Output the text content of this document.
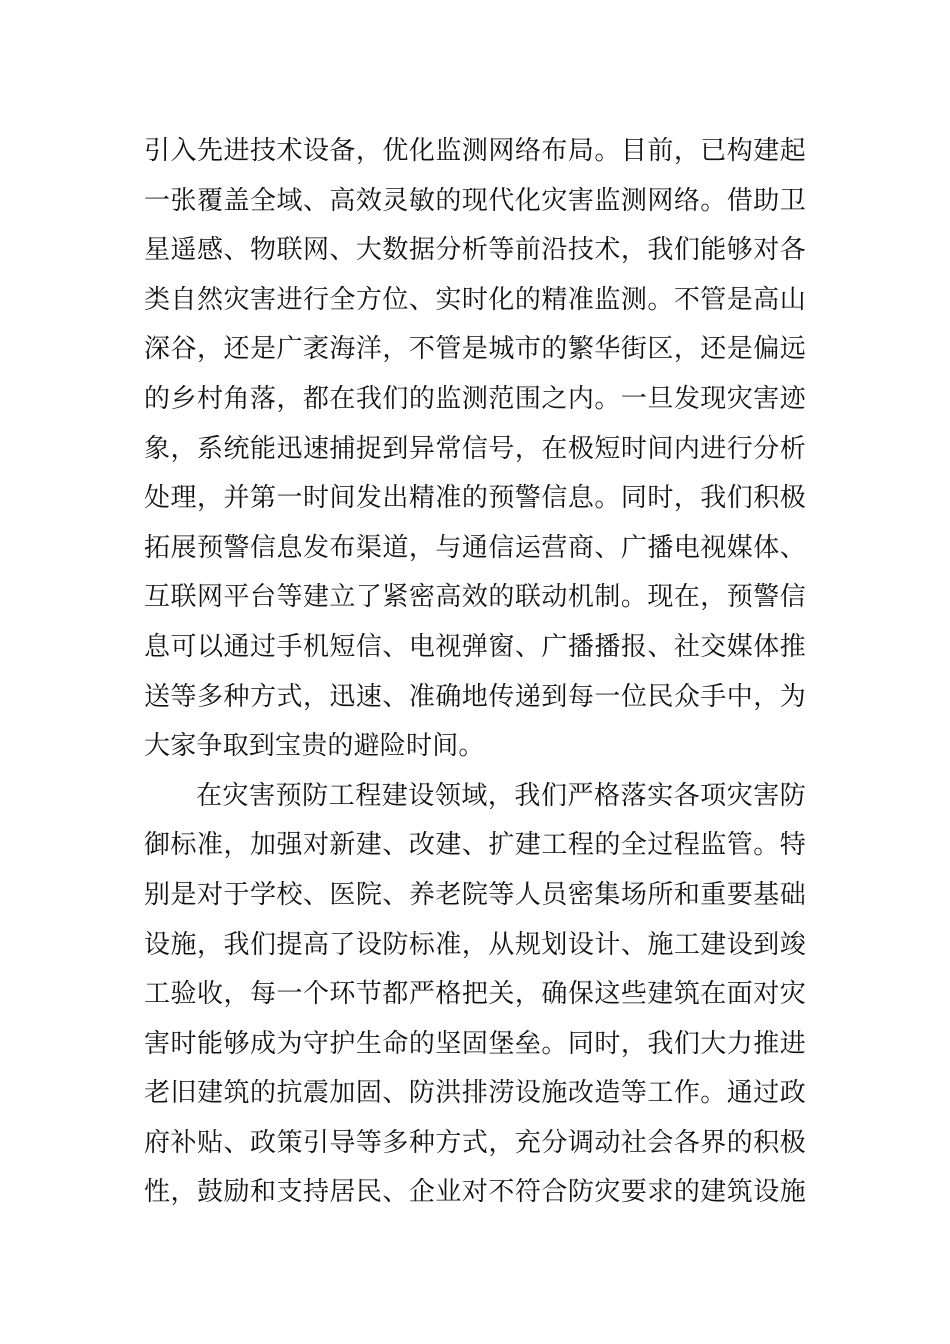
引入先进技术设备，优化监测网络布局。目前，已构建起
一张覆盖全域、高效灵敏的现代化灾害监测网络。借助卫
星遥感、物联网、大数据分析等前沿技术，我们能够对各
类自然灾害进行全方位、实时化的精准监测。不管是高山
深谷，还是广袤海洋，不管是城市的繁华街区，还是偏远
的乡村角落，都在我们的监测范围之内。一旦发现灾害迹
象，系统能迅速捕捉到异常信号，在极短时间内进行分析
处理，并第一时间发出精准的预警信息。同时，我们积极
拓展预警信息发布渠道，与通信运营商、广播电视媒体、
互联网平台等建立了紧密高效的联动机制。现在，预警信
息可以通过手机短信、电视弹窗、广播播报、社交媒体推
送等多种方式，迅速、准确地传递到每一位民众手中，为
大家争取到宝贵的避险时间。
在灾害预防工程建设领域，我们严格落实各项灾害防
御标准，加强对新建、改建、扩建工程的全过程监管。特
别是对于学校、医院、养老院等人员密集场所和重要基础
设施，我们提高了设防标准，从规划设计、施工建设到竣
工验收，每一个环节都严格把关，确保这些建筑在面对灾
害时能够成为守护生命的坚固堡垒。同时，我们大力推进
老旧建筑的抗震加固、防洪排涝设施改造等工作。通过政
府补贴、政策引导等多种方式，充分调动社会各界的积极
性，鼓励和支持居民、企业对不符合防灾要求的建筑设施
